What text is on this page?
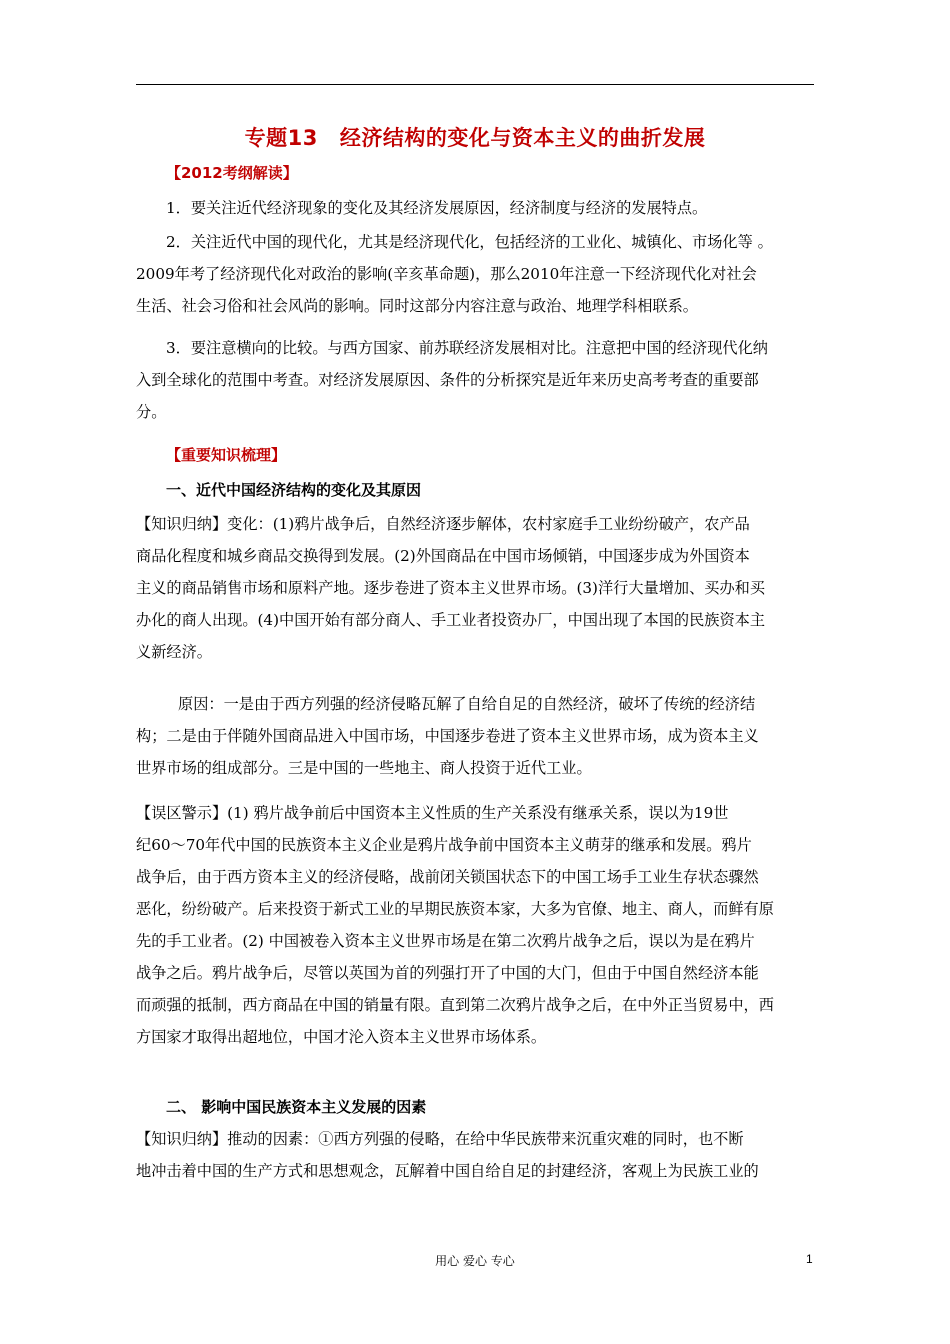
专题13 经济结构的变化与资本主义的曲折发展
【2012考纲解读】
1．要关注近代经济现象的变化及其经济发展原因，经济制度与经济的发展特点。
2．关注近代中国的现代化，尤其是经济现代化，包括经济的工业化、城镇化、市场化等 。
2009年考了经济现代化对政治的影响(辛亥革命题)，那么2010年注意一下经济现代化对社会
生活、社会习俗和社会风尚的影响。同时这部分内容注意与政治、地理学科相联系。
3．要注意横向的比较。与西方国家、前苏联经济发展相对比。注意把中国的经济现代化纳
入到全球化的范围中考查。对经济发展原因、条件的分析探究是近年来历史高考考查的重要部
分。
【重要知识梳理】
一、近代中国经济结构的变化及其原因
【知识归纳】变化：(1)鸦片战争后，自然经济逐步解体，农村家庭手工业纷纷破产，农产品
商品化程度和城乡商品交换得到发展。(2)外国商品在中国市场倾销，中国逐步成为外国资本
主义的商品销售市场和原料产地。逐步卷进了资本主义世界市场。(3)洋行大量增加、买办和买
办化的商人出现。(4)中国开始有部分商人、手工业者投资办厂，中国出现了本国的民族资本主
义新经济。
原因：一是由于西方列强的经济侵略瓦解了自给自足的自然经济，破坏了传统的经济结
构；二是由于伴随外国商品进入中国市场，中国逐步卷进了资本主义世界市场，成为资本主义
世界市场的组成部分。三是中国的一些地主、商人投资于近代工业。
【误区警示】(1) 鸦片战争前后中国资本主义性质的生产关系没有继承关系，误以为19世
纪60～70年代中国的民族资本主义企业是鸦片战争前中国资本主义萌芽的继承和发展。鸦片
战争后，由于西方资本主义的经济侵略，战前闭关锁国状态下的中国工场手工业生存状态骤然
恶化，纷纷破产。后来投资于新式工业的早期民族资本家，大多为官僚、地主、商人，而鲜有原
先的手工业者。(2) 中国被卷入资本主义世界市场是在第二次鸦片战争之后，误以为是在鸦片
战争之后。鸦片战争后，尽管以英国为首的列强打开了中国的大门，但由于中国自然经济本能
而顽强的抵制，西方商品在中国的销量有限。直到第二次鸦片战争之后，在中外正当贸易中，西
方国家才取得出超地位，中国才沦入资本主义世界市场体系。
二、 影响中国民族资本主义发展的因素
【知识归纳】推动的因素：①西方列强的侵略，在给中华民族带来沉重灾难的同时，也不断
地冲击着中国的生产方式和思想观念，瓦解着中国自给自足的封建经济，客观上为民族工业的
用心 爱心 专心	1
